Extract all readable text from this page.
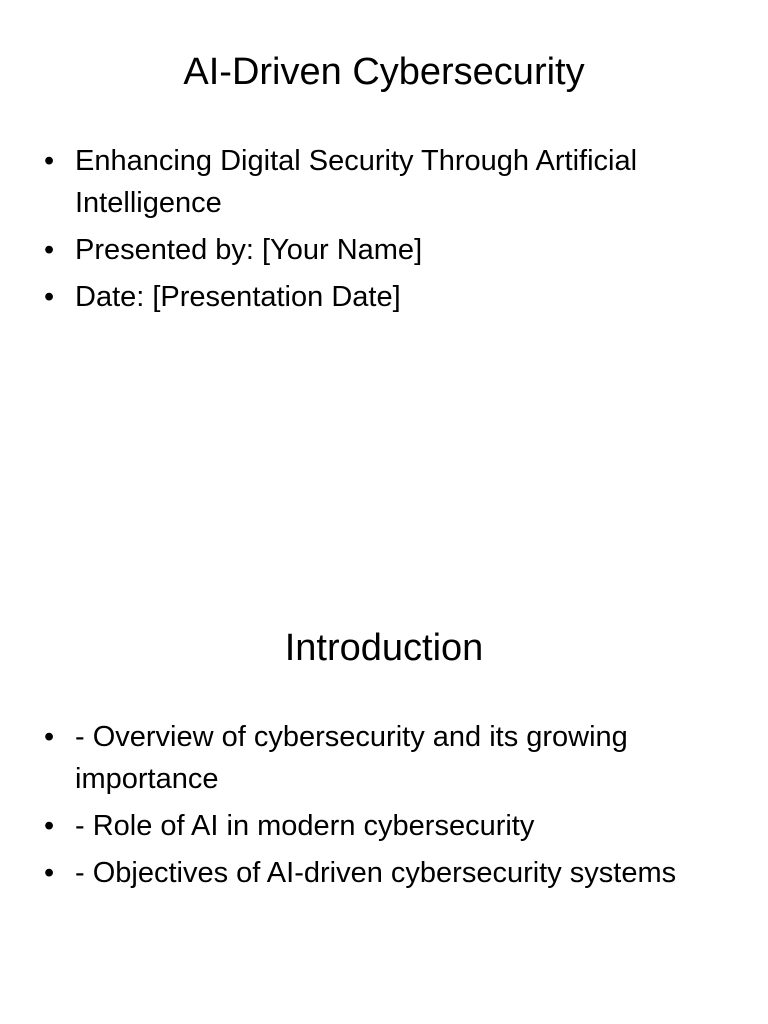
AI-Driven Cybersecurity
• Enhancing Digital Security Through Artificial Intelligence
• Presented by: [Your Name]
• Date: [Presentation Date]
Introduction
• - Overview of cybersecurity and its growing importance
• - Role of AI in modern cybersecurity
• - Objectives of AI-driven cybersecurity systems
